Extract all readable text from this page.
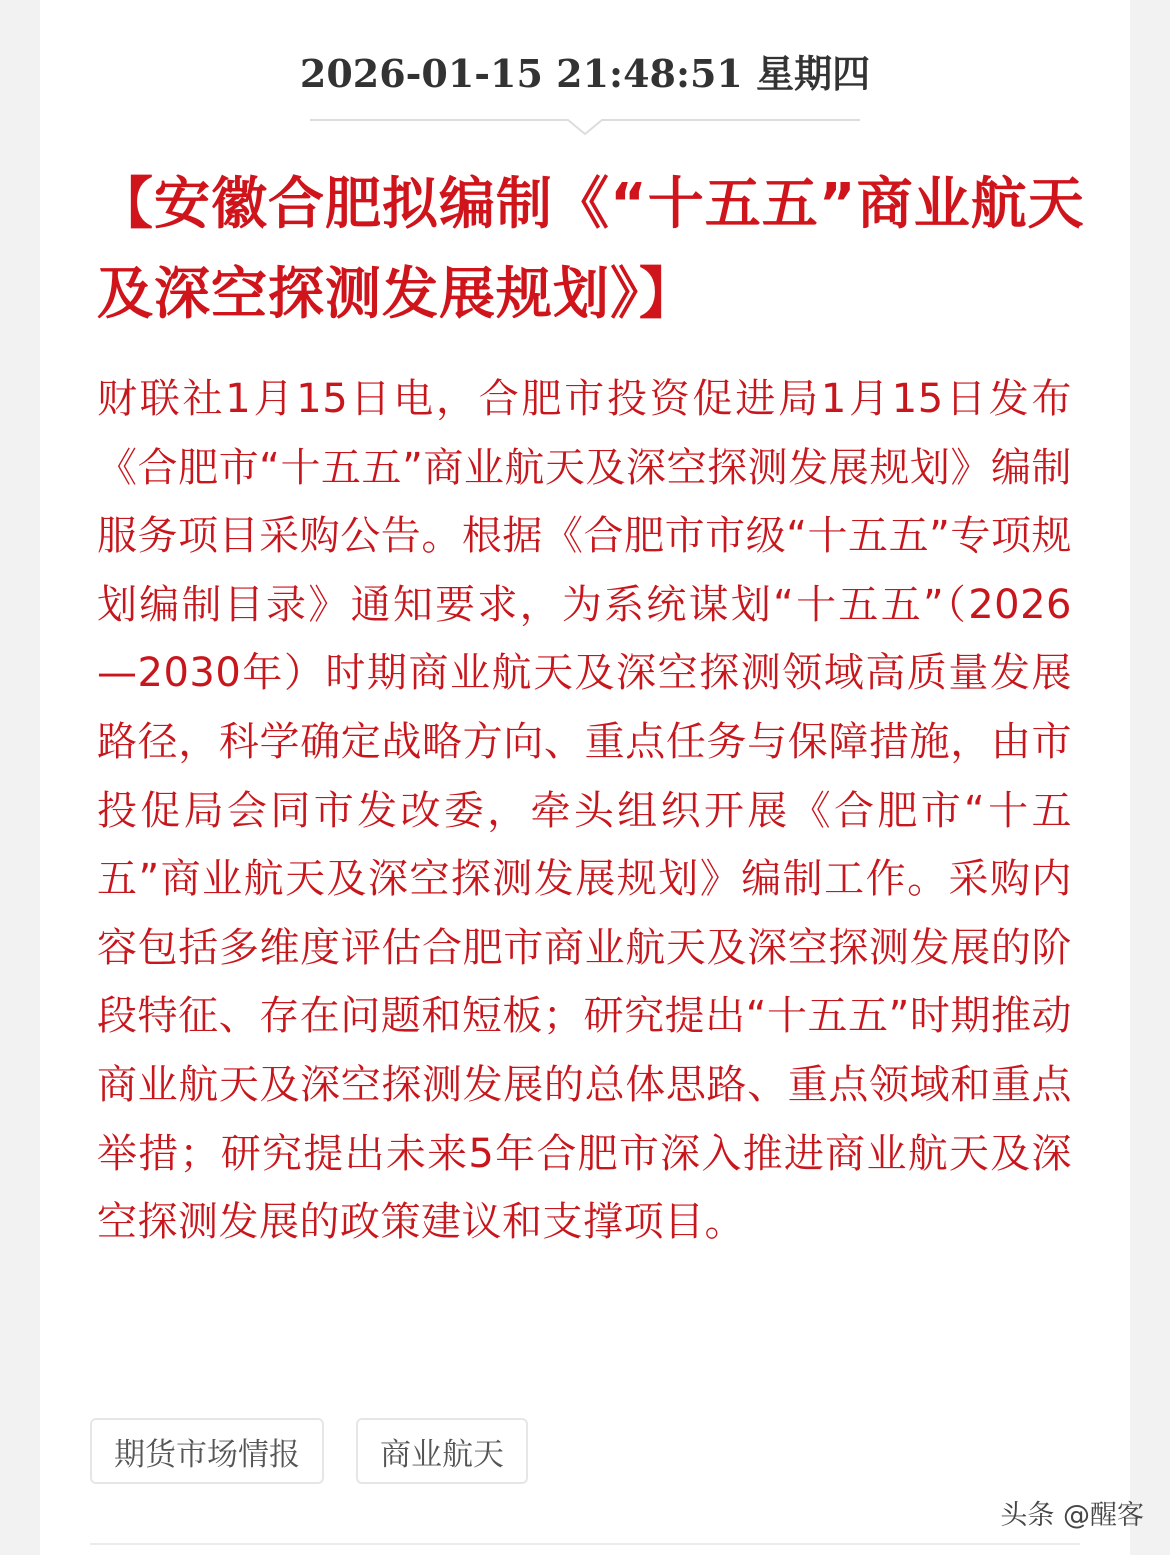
2026-01-15 21:48:51 星期四
【安徽合肥拟编制《“十五五”商业航天及深空探测发展规划》】

财联社1月15日电，合肥市投资促进局1月15日发布《合肥市“十五五”商业航天及深空探测发展规划》编制服务项目采购公告。根据《合肥市市级“十五五”专项规划编制目录》通知要求，为系统谋划“十五五”（2026—2030年）时期商业航天及深空探测领域高质量发展路径，科学确定战略方向、重点任务与保障措施，由市投促局会同市发改委，牵头组织开展《合肥市“十五五”商业航天及深空探测发展规划》编制工作。采购内容包括多维度评估合肥市商业航天及深空探测发展的阶段特征、存在问题和短板；研究提出“十五五”时期推动商业航天及深空探测发展的总体思路、重点领域和重点举措；研究提出未来5年合肥市深入推进商业航天及深空探测发展的政策建议和支撑项目。

期货市场情报	商业航天
头条 @醒客
